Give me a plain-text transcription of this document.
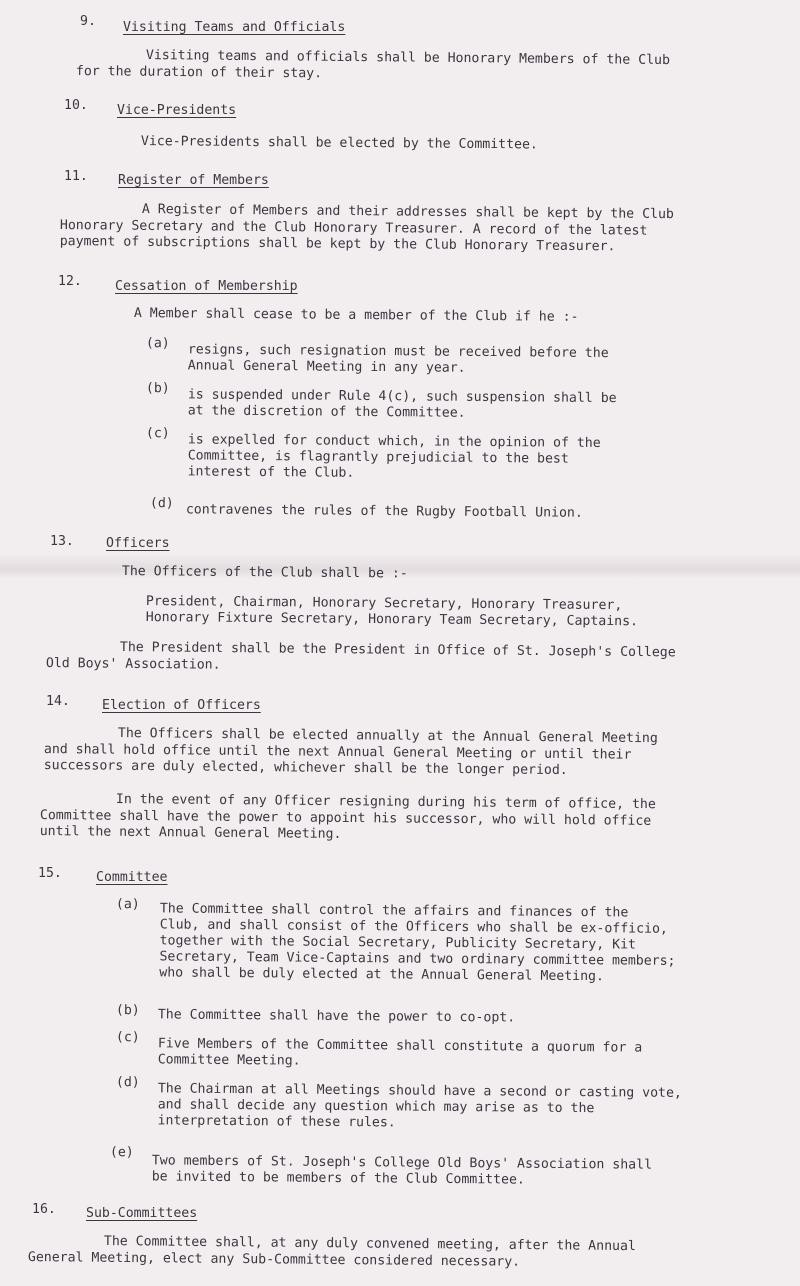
9. Visiting Teams and Officials
Visiting teams and officials shall be Honorary Members of the Club
for the duration of their stay.
10. Vice-Presidents
Vice-Presidents shall be elected by the Committee.
11. Register of Members
A Register of Members and their addresses shall be kept by the Club
Honorary Secretary and the Club Honorary Treasurer. A record of the latest
payment of subscriptions shall be kept by the Club Honorary Treasurer.
12.	Cessation of Membership
A Member shall cease to be a member of the Club if he :-
(a) resigns, such resignation must be received before the
Annual General Meeting in any year.
(b) is suspended under Rule 4(c), such suspension shall be
at the discretion of the Committee.
(c) is expelled for conduct which, in the opinion of the
Committee, is flagrantly prejudicial to the best
interest of the Club.
(d) contravenes the rules of the Rugby Football Union.
13. Officers
The Officers of the Club shall be :-
President, Chairman, Honorary Secretary, Honorary Treasurer,
Honorary Fixture Secretary, Honorary Team Secretary, Captains.
The President shall be the President in Office of St. Joseph's College
Old Boys' Association.
14. Election of Officers
The Officers shall be elected annually at the Annual General Meeting
and shall hold office until the next Annual General Meeting or until their
successors are duly elected, whichever shall be the longer period.
In the event of any Officer resigning during his term of office, the
Committee shall have the power to appoint his successor, who will hold office
until the next Annual General Meeting.
15.	Committee
(a) The Committee shall control the affairs and finances of the
Club, and shall consist of the Officers who shall be ex-officio,
together with the Social Secretary, Publicity Secretary, Kit
Secretary, Team Vice-Captains and two ordinary committee members;
who shall be duly elected at the Annual General Meeting.
(b) The Committee shall have the power to co-opt.
(c) Five Members of the Committee shall constitute a quorum for a
Committee Meeting.
(d) The Chairman at all Meetings should have a second or casting vote,
and shall decide any question which may arise as to the
interpretation of these rules.
(e)
Two members of St. Joseph's College Old Boys' Association shall
be invited to be members of the Club Committee.
16. Sub-Committees
The Committee shall, at any duly convened meeting, after the Annual
General Meeting, elect any Sub-Committee considered necessary.
